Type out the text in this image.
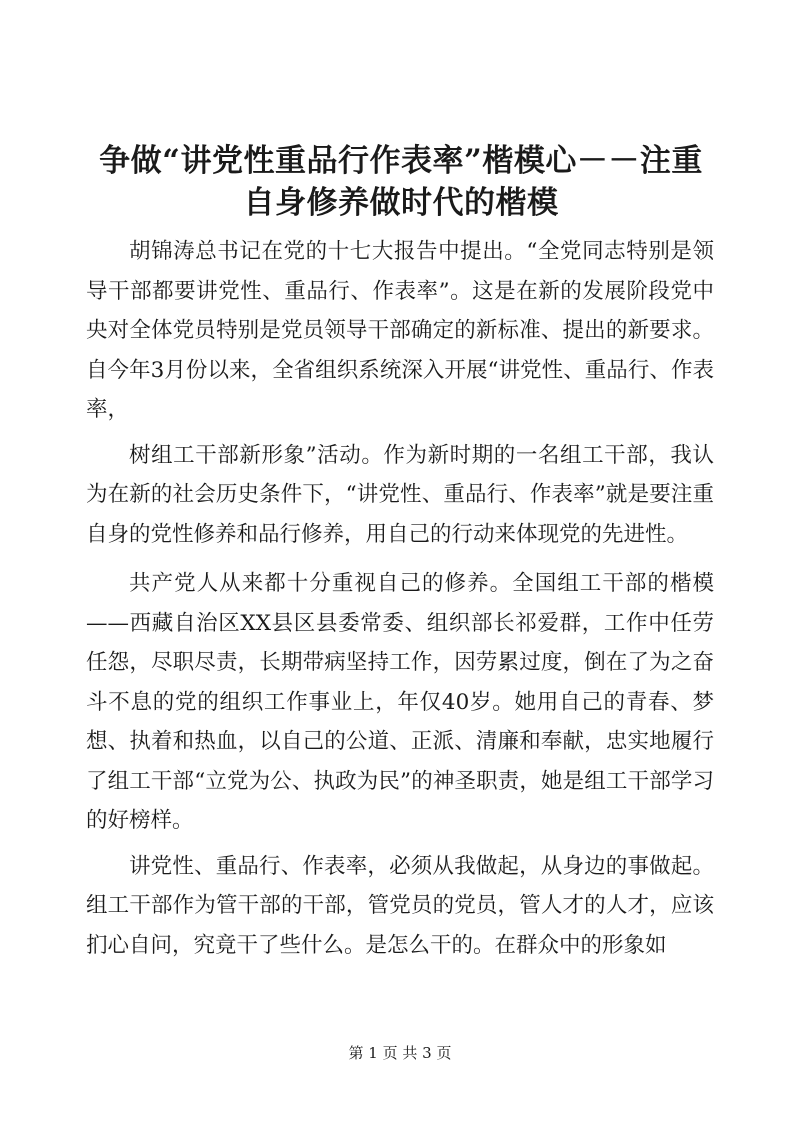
争做“讲党性重品行作表率”楷模心－－注重自身修养做时代的楷模

胡锦涛总书记在党的十七大报告中提出。“全党同志特别是领导干部都要讲党性、重品行、作表率”。这是在新的发展阶段党中央对全体党员特别是党员领导干部确定的新标准、提出的新要求。自今年3月份以来，全省组织系统深入开展“讲党性、重品行、作表率，

树组工干部新形象”活动。作为新时期的一名组工干部，我认为在新的社会历史条件下，“讲党性、重品行、作表率”就是要注重自身的党性修养和品行修养，用自己的行动来体现党的先进性。

共产党人从来都十分重视自己的修养。全国组工干部的楷模——西藏自治区XX县区县委常委、组织部长祁爱群，工作中任劳任怨，尽职尽责，长期带病坚持工作，因劳累过度，倒在了为之奋斗不息的党的组织工作事业上，年仅40岁。她用自己的青春、梦想、执着和热血，以自己的公道、正派、清廉和奉献，忠实地履行了组工干部“立党为公、执政为民”的神圣职责，她是组工干部学习的好榜样。

讲党性、重品行、作表率，必须从我做起，从身边的事做起。组工干部作为管干部的干部，管党员的党员，管人才的人才，应该扪心自问，究竟干了些什么。是怎么干的。在群众中的形象如

第 1 页 共 3 页
